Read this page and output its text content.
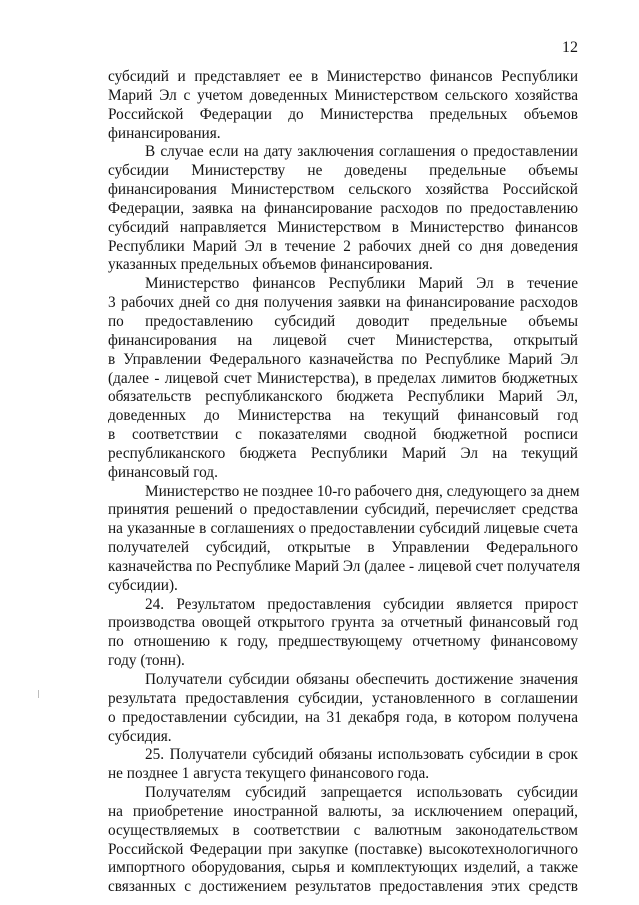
12
субсидий и представляет ее в Министерство финансов Республики
Марий Эл с учетом доведенных Министерством сельского хозяйства
Российской Федерации до Министерства предельных объемов
финансирования.
В случае если на дату заключения соглашения о предоставлении
субсидии Министерству не доведены предельные объемы
финансирования Министерством сельского хозяйства Российской
Федерации, заявка на финансирование расходов по предоставлению
субсидий направляется Министерством в Министерство финансов
Республики Марий Эл в течение 2 рабочих дней со дня доведения
указанных предельных объемов финансирования.
Министерство финансов Республики Марий Эл в течение
3 рабочих дней со дня получения заявки на финансирование расходов
по предоставлению субсидий доводит предельные объемы
финансирования на лицевой счет Министерства, открытый
в Управлении Федерального казначейства по Республике Марий Эл
(далее - лицевой счет Министерства), в пределах лимитов бюджетных
обязательств республиканского бюджета Республики Марий Эл,
доведенных до Министерства на текущий финансовый год
в соответствии с показателями сводной бюджетной росписи
республиканского бюджета Республики Марий Эл на текущий
финансовый год.
Министерство не позднее 10-го рабочего дня, следующего за днем
принятия решений о предоставлении субсидий, перечисляет средства
на указанные в соглашениях о предоставлении субсидий лицевые счета
получателей субсидий, открытые в Управлении Федерального
казначейства по Республике Марий Эл (далее - лицевой счет получателя
субсидии).
24. Результатом предоставления субсидии является прирост
производства овощей открытого грунта за отчетный финансовый год
по отношению к году, предшествующему отчетному финансовому
году (тонн).
Получатели субсидии обязаны обеспечить достижение значения
результата предоставления субсидии, установленного в соглашении
о предоставлении субсидии, на 31 декабря года, в котором получена
субсидия.
25. Получатели субсидий обязаны использовать субсидии в срок
не позднее 1 августа текущего финансового года.
Получателям субсидий запрещается использовать субсидии
на приобретение иностранной валюты, за исключением операций,
осуществляемых в соответствии с валютным законодательством
Российской Федерации при закупке (поставке) высокотехнологичного
импортного оборудования, сырья и комплектующих изделий, а также
связанных с достижением результатов предоставления этих средств
